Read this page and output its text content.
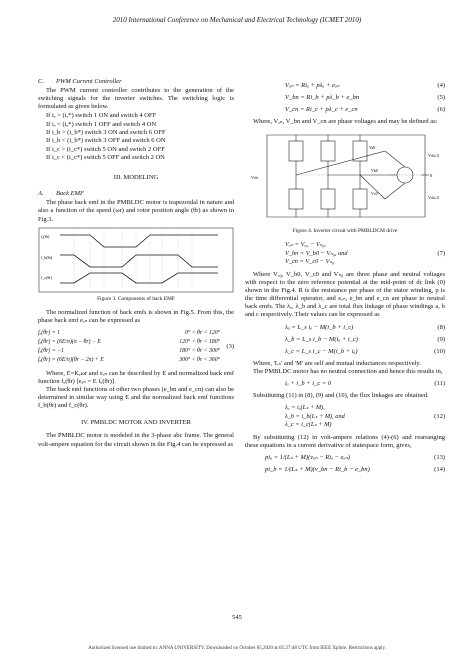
2010 International Conference on Mechanical and Electrical Technology (ICMET 2010)
C. PWM Current Controller

The PWM current controller contributes to the generation of the switching signals for the inverter switches. The switching logic is formulated as given below.

If iₐ > (iₐ*) switch 1 ON and switch 4 OFF
If iₐ < (iₐ*) switch 1 OFF and switch 4 ON
If i_b > (i_b*) switch 3 ON and switch 6 OFF
If i_b < (i_b*) switch 3 OFF and switch 6 ON
If i_c > (i_c*) switch 5 ON and switch 2 OFF
If i_c < (i_c*) switch 5 OFF and switch 2 ON
III. MODELING
A. Back EMF

The phase back emf in the PMBLDC motor is trapezoidal in nature and also a function of the speed (ωr) and rotor position angle (θr) as shown in Fig.3.

fₐ(θr)
f_b(θr)
f_c(θr)
Figure 3. Components of back EMF

The normalized function of back emfs is shown in Fig.5. From this, the phase back emf eₐₙ can be expressed as

fₐ(θr) = 1	0° < θr < 120°
fₐ(θr) = (6E/π)(π − θr) − E	120° < θr < 180°
fₐ(θr) = −1	180° < θr < 300°
fₐ(θr) = (6E/π)(θr − 2π) + E	300° < θr < 360°
(3)

Where, E=Kₑωr and eₐₙ can be described by E and normalized back emf function fₐ(θr) [eₐₙ = E fₐ(θr)].

The back emf functions of other two phases (e_bn and e_cn) can also be determined in similar way using E and the normalized back emf functions f_b(θr) and f_c(θr).

IV. PMBLDC MOTOR AND INVERTER

The PMBLDC motor is modeled in the 3-phase abc frame. The general volt-ampere equation for the circuit shown in the Fig.4 can be expressed as

Vₐₙ = Riₐ + pλₐ + eₐₙ	(4)
V_bn = Ri_b + pλ_b + e_bn	(5)
V_cn = Ri_c + pλ_c + e_cn	(6)

Where, Vₐₙ, V_bn and V_cn are phase voltages and may be defined as:

Vdc
Vdc/2
Vdc/2
Va0
Vb0
Vc0
0
Figure 4. Inverter circuit with PMBLDCM drive
Vₐₙ = Vₐ₀ − Vₙ₀,
V_bn = V_b0 − Vₙ₀, and
V_cn = V_c0 − Vₙ₀
(7)

Where Vₐ₀, V_b0, V_c0 and Vₙ₀ are three phase and neutral voltages with respect to the zero reference potential at the mid-point of dc link (0) shown in the Fig.4. R is the resistance per phase of the stator winding, p is the time differential operator, and eₐₙ, e_bn and e_cn are phase to neutral back emfs. The λₐ, λ_b and λ_c are total flux linkage of phase windings a, b and c respectively. Their values can be expressed as

λₐ = L_s iₐ − M(i_b + i_c)	(8)
λ_b = L_s i_b − M(iₐ + i_c)	(9)
λ_c = L_s i_c − M(i_b + iₐ)	(10)

Where, 'Lₛ' and 'M' are self and mutual inductances respectively.

The PMBLDC motor has no neutral connection and hence this results in,

iₐ + i_b + i_c = 0	(11)

Substituting (11) in (8), (9) and (10), the flux linkages are obtained.

λₐ = iₐ(Lₛ + M),
λ_b = i_b(Lₛ + M), and
λ_c = i_c(Lₛ + M)
(12)

By substituting (12) in volt-ampere relations (4)-(6) and rearranging these equations in a current derivative of statespace form, gives,

piₐ = 1/(Lₛ + M)(vₐₙ − Riₐ − eₐₙ)	(13)
pi_b = 1/(Lₛ + M)(v_bn − Ri_b − e_bn)	(14)
545
Authorized licensed use limited to: ANNA UNIVERSITY. Downloaded on October 05,2020 at 05:27:48 UTC from IEEE Xplore. Restrictions apply.
